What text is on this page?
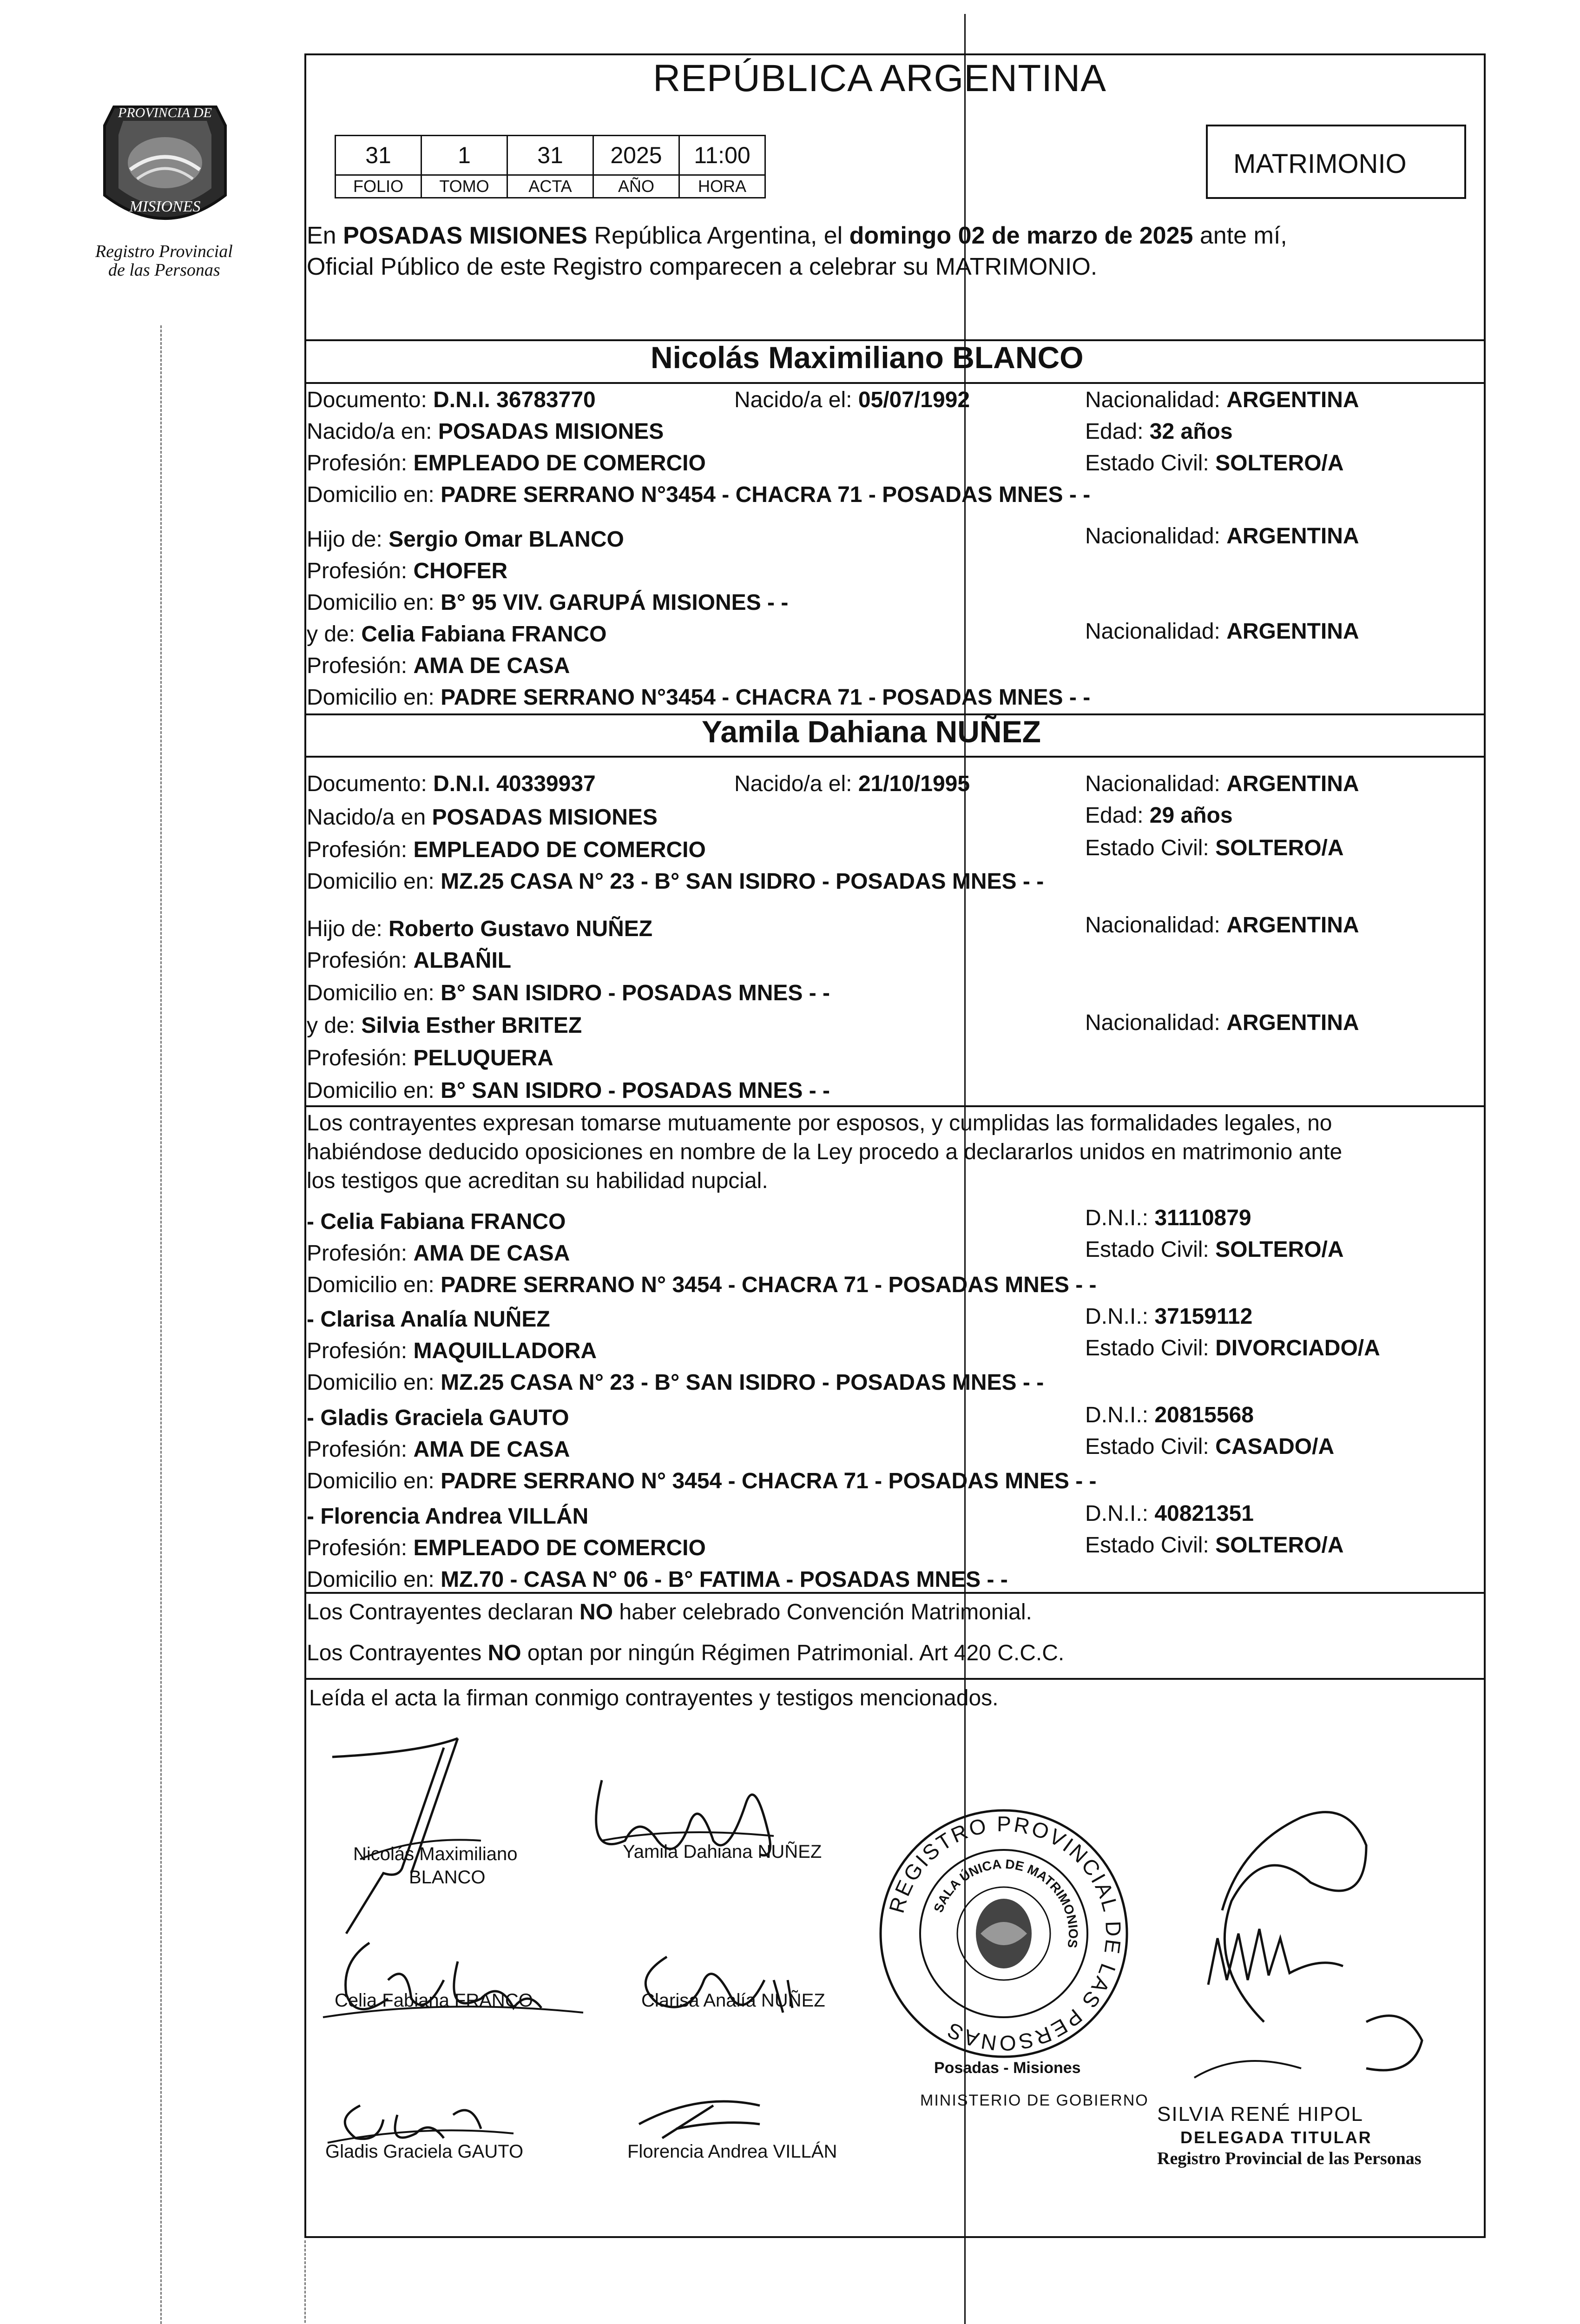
PROVINCIA DE
MISIONES
Registro Provincial
de las Personas
REPÚBLICA ARGENTINA
31	1	31	2025	11:00
FOLIO	TOMO	ACTA	AÑO	HORA
MATRIMONIO
En POSADAS MISIONES República Argentina, el domingo 02 de marzo de 2025 ante mí,
Oficial Público de este Registro comparecen a celebrar su MATRIMONIO.
Nicolás Maximiliano BLANCO
Documento: D.N.I. 36783770	Nacido/a el: 05/07/1992	Nacionalidad: ARGENTINA
Nacido/a en: POSADAS MISIONES	Edad: 32 años
Profesión: EMPLEADO DE COMERCIO	Estado Civil: SOLTERO/A
Domicilio en: PADRE SERRANO N°3454 - CHACRA 71 - POSADAS MNES - -
Hijo de: Sergio Omar BLANCO	Nacionalidad: ARGENTINA
Profesión: CHOFER
Domicilio en: B° 95 VIV. GARUPÁ MISIONES - -
y de: Celia Fabiana FRANCO	Nacionalidad: ARGENTINA
Profesión: AMA DE CASA
Domicilio en: PADRE SERRANO N°3454 - CHACRA 71 - POSADAS MNES - -
Yamila Dahiana NUÑEZ
Documento: D.N.I. 40339937	Nacido/a el: 21/10/1995	Nacionalidad: ARGENTINA
Nacido/a en POSADAS MISIONES	Edad: 29 años
Profesión: EMPLEADO DE COMERCIO	Estado Civil: SOLTERO/A
Domicilio en: MZ.25 CASA N° 23 - B° SAN ISIDRO - POSADAS MNES - -
Hijo de: Roberto Gustavo NUÑEZ	Nacionalidad: ARGENTINA
Profesión: ALBAÑIL
Domicilio en: B° SAN ISIDRO - POSADAS MNES - -
y de: Silvia Esther BRITEZ	Nacionalidad: ARGENTINA
Profesión: PELUQUERA
Domicilio en: B° SAN ISIDRO - POSADAS MNES - -
Los contrayentes expresan tomarse mutuamente por esposos, y cumplidas las formalidades legales, no
habiéndose deducido oposiciones en nombre de la Ley procedo a declararlos unidos en matrimonio ante
los testigos que acreditan su habilidad nupcial.
- Celia Fabiana FRANCO	D.N.I.: 31110879
Profesión: AMA DE CASA	Estado Civil: SOLTERO/A
Domicilio en: PADRE SERRANO N° 3454 - CHACRA 71 - POSADAS MNES - -
- Clarisa Analía NUÑEZ	D.N.I.: 37159112
Profesión: MAQUILLADORA	Estado Civil: DIVORCIADO/A
Domicilio en: MZ.25 CASA N° 23 - B° SAN ISIDRO - POSADAS MNES - -
- Gladis Graciela GAUTO	D.N.I.: 20815568
Profesión: AMA DE CASA	Estado Civil: CASADO/A
Domicilio en: PADRE SERRANO N° 3454 - CHACRA 71 - POSADAS MNES - -
- Florencia Andrea VILLÁN	D.N.I.: 40821351
Profesión: EMPLEADO DE COMERCIO	Estado Civil: SOLTERO/A
Domicilio en: MZ.70 - CASA N° 06 - B° FATIMA - POSADAS MNES - -
Los Contrayentes declaran NO haber celebrado Convención Matrimonial.
Los Contrayentes NO optan por ningún Régimen Patrimonial. Art 420 C.C.C.
Leída el acta la firman conmigo contrayentes y testigos mencionados.
Nicolás Maximiliano
BLANCO
Yamila Dahiana NUÑEZ
Celia Fabiana FRANCO	Clarisa Analía NUÑEZ
Gladis Graciela GAUTO	Florencia Andrea VILLÁN
REGISTRO PROVINCIAL DE LAS PERSONAS
SALA ÚNICA DE MATRIMONIOS
MINISTERIO DE GOBIERNO
Posadas - Misiones
SILVIA RENÉ HIPOL
DELEGADA TITULAR
Registro Provincial de las Personas
